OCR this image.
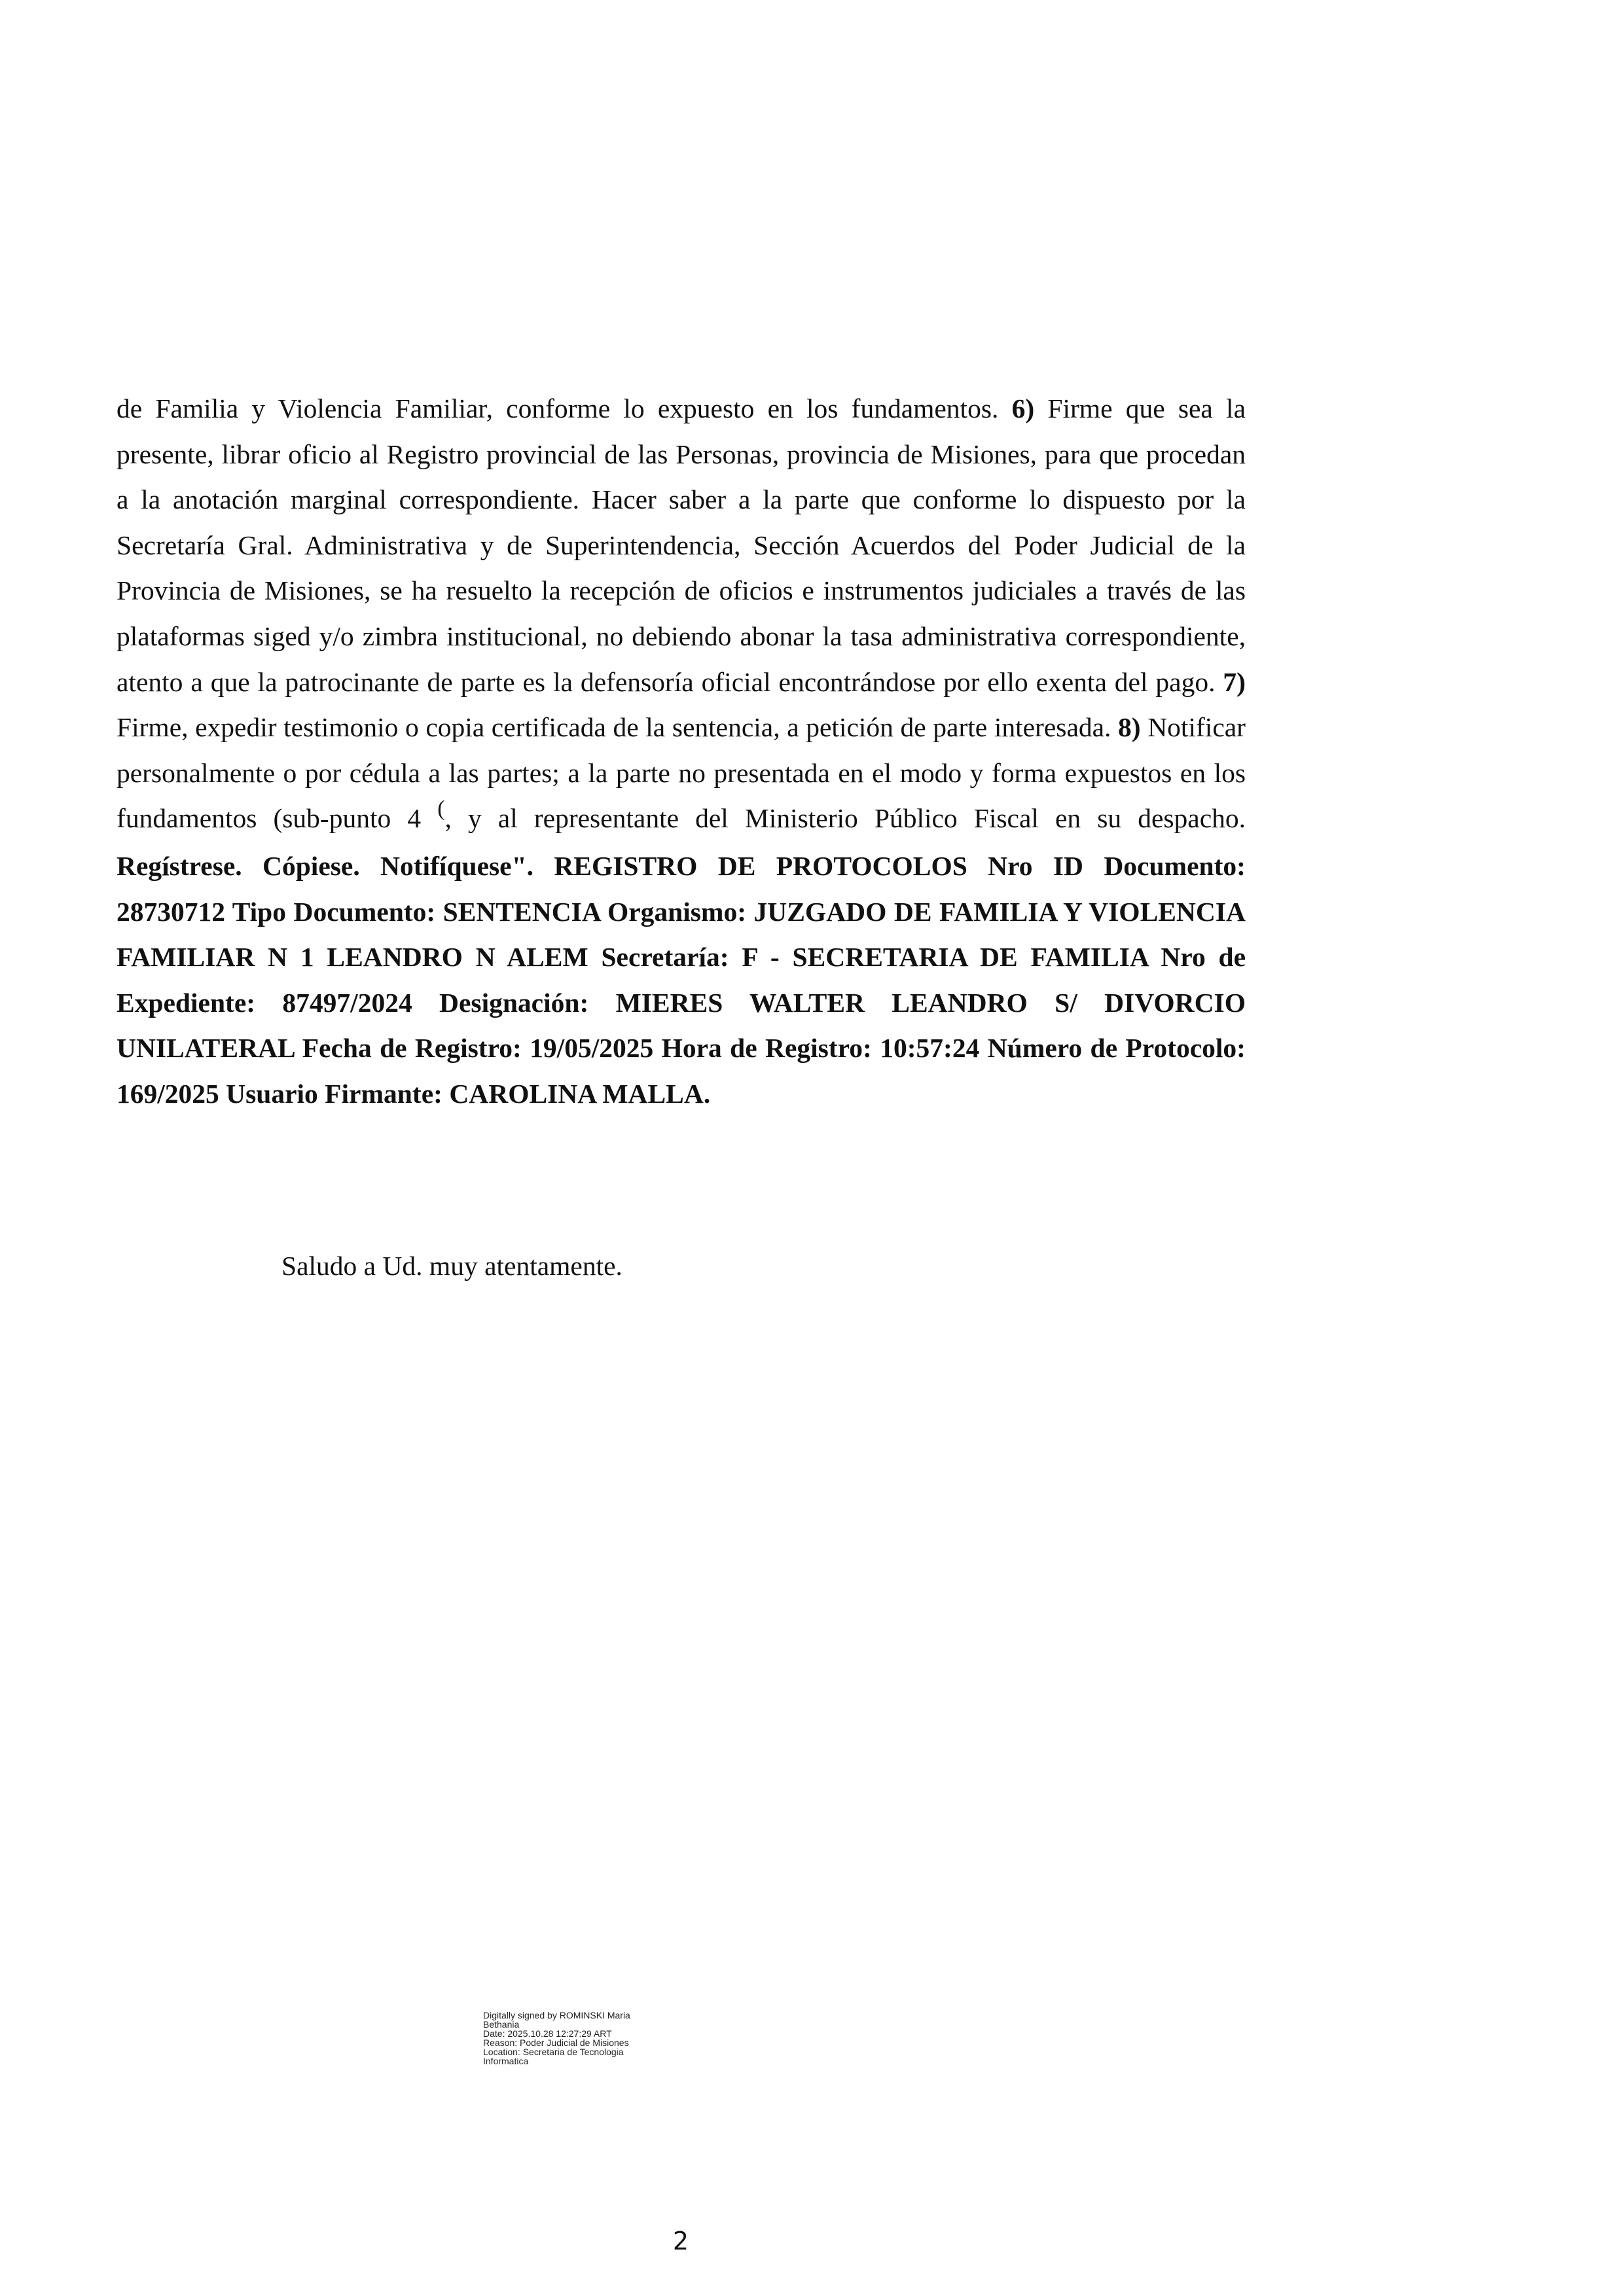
de Familia y Violencia Familiar, conforme lo expuesto en los fundamentos. 6) Firme que sea la presente, librar oficio al Registro provincial de las Personas, provincia de Misiones, para que procedan a la anotación marginal correspondiente. Hacer saber a la parte que conforme lo dispuesto por la Secretaría Gral. Administrativa y de Superintendencia, Sección Acuerdos del Poder Judicial de la Provincia de Misiones, se ha resuelto la recepción de oficios e instrumentos judiciales a través de las plataformas siged y/o zimbra institucional, no debiendo abonar la tasa administrativa correspondiente, atento a que la patrocinante de parte es la defensoría oficial encontrándose por ello exenta del pago. 7) Firme, expedir testimonio o copia certificada de la sentencia, a petición de parte interesada. 8) Notificar personalmente o por cédula a las partes; a la parte no presentada en el modo y forma expuestos en los fundamentos (sub-punto 4 (, y al representante del Ministerio Público Fiscal en su despacho. Regístrese. Cópiese. Notifíquese". REGISTRO DE PROTOCOLOS Nro ID Documento: 28730712 Tipo Documento: SENTENCIA Organismo: JUZGADO DE FAMILIA Y VIOLENCIA FAMILIAR N 1 LEANDRO N ALEM Secretaría: F - SECRETARIA DE FAMILIA Nro de Expediente: 87497/2024 Designación: MIERES WALTER LEANDRO S/ DIVORCIO UNILATERAL Fecha de Registro: 19/05/2025 Hora de Registro: 10:57:24 Número de Protocolo: 169/2025 Usuario Firmante: CAROLINA MALLA.

Saludo a Ud. muy atentamente.

Digitally signed by ROMINSKI Maria
Bethania
Date: 2025.10.28 12:27:29 ART
Reason: Poder Judicial de Misiones
Location: Secretaria de Tecnologia
Informatica
2
